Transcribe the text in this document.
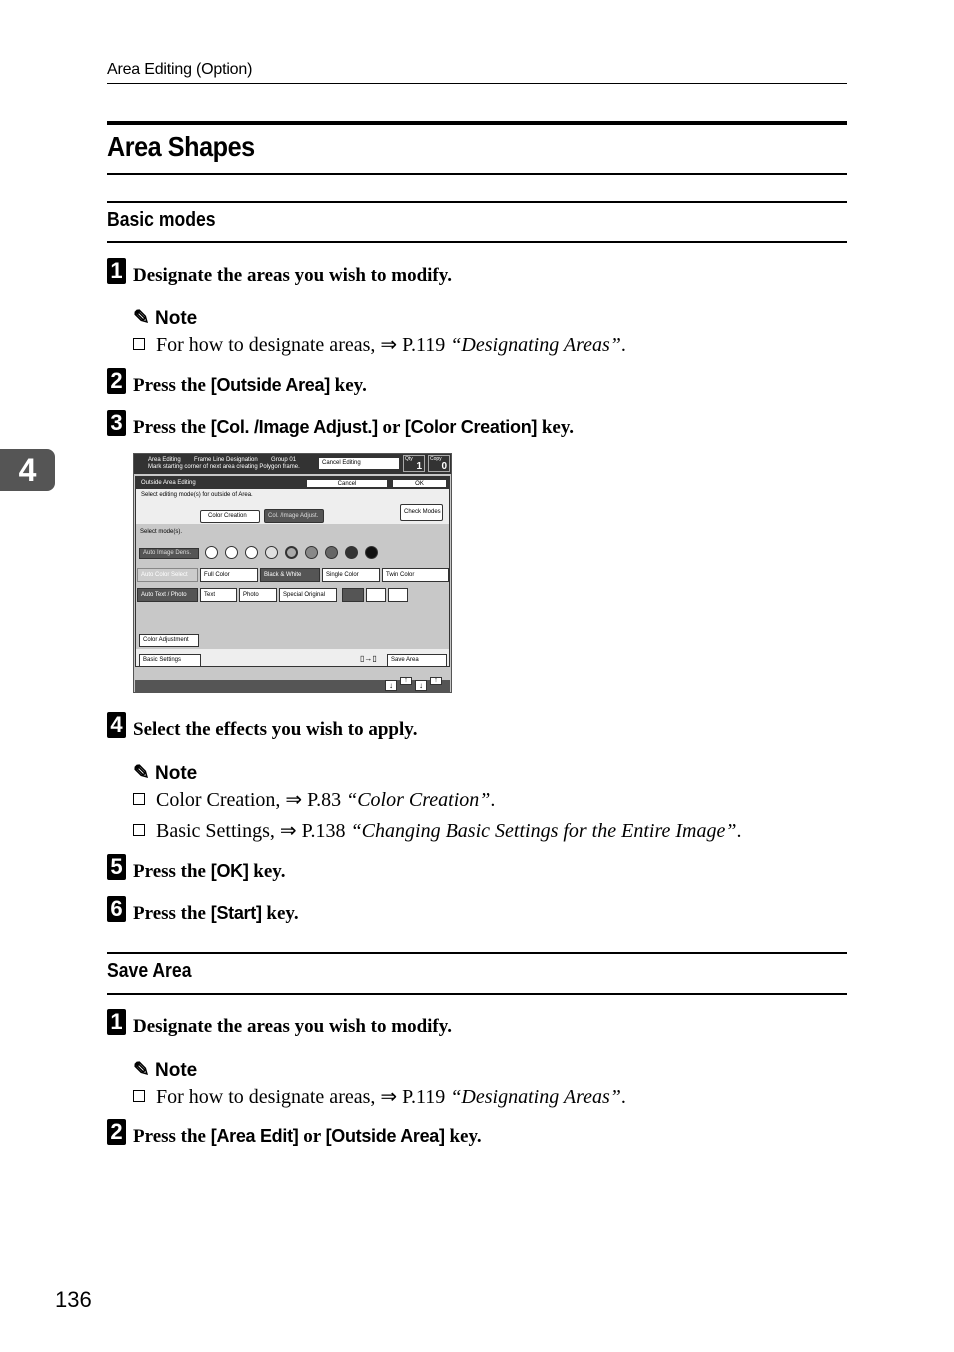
Area Editing (Option)
4
Area Shapes
Basic modes
1 Designate the areas you wish to modify.
✎ Note
For how to designate areas, ⇒ P.119 “Designating Areas”.
2 Press the [Outside Area] key.
3 Press the [Col. /Image Adjust.] or [Color Creation] key.
Area Editing        Frame Line Designation        Group 01
Mark starting corner of next area creating Polygon frame.
Cancel Editing
Qty
1
Copy
0
Outside Area Editing	Cancel	OK
Select editing mode(s) for outside of Area.
Color Creation	Col. /Image Adjust.
Check Modes
Select mode(s).
Auto Image Dens.
Auto Color Select	Full Color	Black & White	Single Color	Twin Color
Auto Text / Photo	Text	Photo	Special Original
Color Adjustment
Basic Settings	▯→▯	Save Area
↓
↑
↓
↑
4 Select the effects you wish to apply.
✎ Note
Color Creation, ⇒ P.83 “Color Creation”.
Basic Settings, ⇒ P.138 “Changing Basic Settings for the Entire Image”.
5 Press the [OK] key.
6 Press the [Start] key.
Save Area
1 Designate the areas you wish to modify.
✎ Note
For how to designate areas, ⇒ P.119 “Designating Areas”.
2 Press the [Area Edit] or [Outside Area] key.
136
